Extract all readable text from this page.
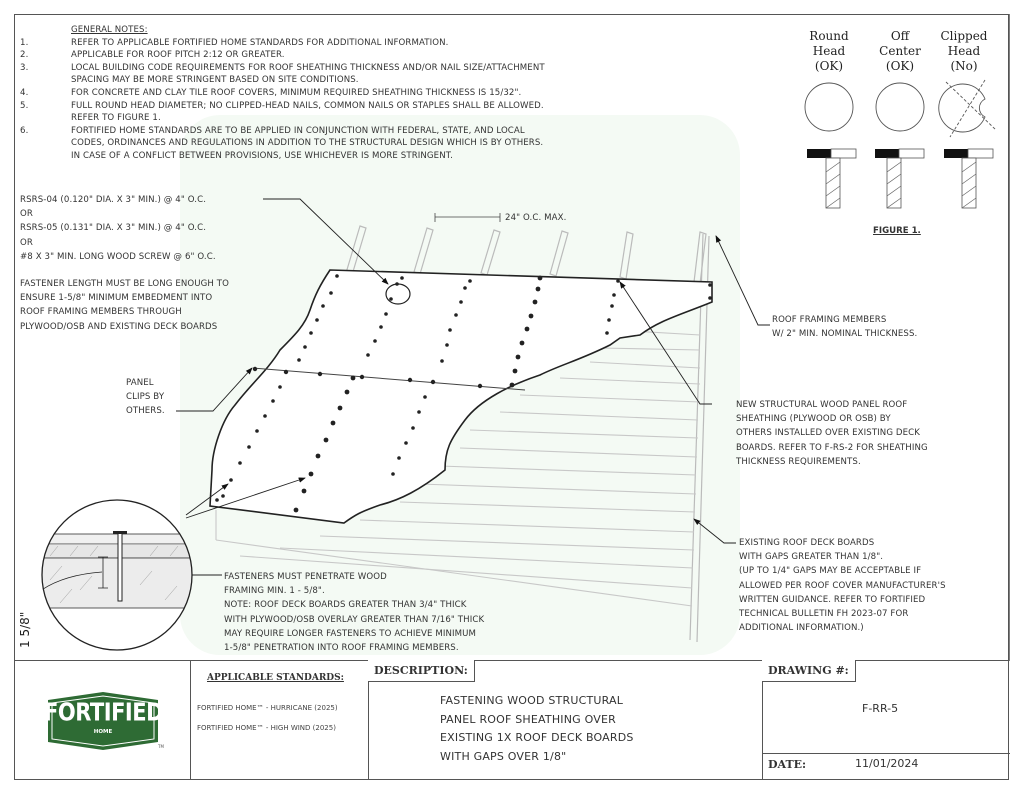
GENERAL NOTES:
1.	REFER TO APPLICABLE FORTIFIED HOME STANDARDS FOR ADDITIONAL INFORMATION.
2.	APPLICABLE FOR ROOF PITCH 2:12 OR GREATER.
3.	LOCAL BUILDING CODE REQUIREMENTS FOR ROOF SHEATHING THICKNESS AND/OR NAIL SIZE/ATTACHMENT
SPACING MAY BE MORE STRINGENT BASED ON SITE CONDITIONS.
4.	FOR CONCRETE AND CLAY TILE ROOF COVERS, MINIMUM REQUIRED SHEATHING THICKNESS IS 15/32".
5.	FULL ROUND HEAD DIAMETER; NO CLIPPED-HEAD NAILS, COMMON NAILS OR STAPLES SHALL BE ALLOWED.
REFER TO FIGURE 1.
6.	FORTIFIED HOME STANDARDS ARE TO BE APPLIED IN CONJUNCTION WITH FEDERAL, STATE, AND LOCAL
CODES, ORDINANCES AND REGULATIONS IN ADDITION TO THE STRUCTURAL DESIGN WHICH IS BY OTHERS.
IN CASE OF A CONFLICT BETWEEN PROVISIONS, USE WHICHEVER IS MORE STRINGENT.
Round
Head
(OK)
Off
Center
(OK)
Clipped
Head
(No)
FIGURE 1.
RSRS-04 (0.120" DIA. X 3" MIN.) @ 4" O.C.
OR
RSRS-05 (0.131" DIA. X 3" MIN.) @ 4" O.C.
OR
#8 X 3" MIN. LONG WOOD SCREW @ 6" O.C.
FASTENER LENGTH MUST BE LONG ENOUGH TO
ENSURE 1-5/8" MINIMUM EMBEDMENT INTO
ROOF FRAMING MEMBERS THROUGH
PLYWOOD/OSB AND EXISTING DECK BOARDS
PANEL
CLIPS BY
OTHERS.
24" O.C. MAX.
ROOF FRAMING MEMBERS
W/ 2" MIN. NOMINAL THICKNESS.
NEW STRUCTURAL WOOD PANEL ROOF
SHEATHING (PLYWOOD OR OSB) BY
OTHERS INSTALLED OVER EXISTING DECK
BOARDS. REFER TO F-RS-2 FOR SHEATHING
THICKNESS REQUIREMENTS.
EXISTING ROOF DECK BOARDS
WITH GAPS GREATER THAN 1/8".
(UP TO 1/4" GAPS MAY BE ACCEPTABLE IF
ALLOWED PER ROOF COVER MANUFACTURER'S
WRITTEN GUIDANCE. REFER TO FORTIFIED
TECHNICAL BULLETIN FH 2023-07 FOR
ADDITIONAL INFORMATION.)
FASTENERS MUST PENETRATE WOOD
FRAMING MIN. 1 - 5/8".
NOTE: ROOF DECK BOARDS GREATER THAN 3/4" THICK
WITH PLYWOOD/OSB OVERLAY GREATER THAN 7/16" THICK
MAY REQUIRE LONGER FASTENERS TO ACHIEVE MINIMUM
1-5/8" PENETRATION INTO ROOF FRAMING MEMBERS.
1 5/8"
FORTIFIED
HOME
TM
APPLICABLE STANDARDS:
FORTIFIED HOME™ - HURRICANE (2025)
FORTIFIED HOME™ - HIGH WIND (2025)
DESCRIPTION:
FASTENING WOOD STRUCTURAL
PANEL ROOF SHEATHING OVER
EXISTING 1X ROOF DECK BOARDS
WITH GAPS OVER 1/8"
DRAWING #:
F-RR-5
DATE:	11/01/2024
